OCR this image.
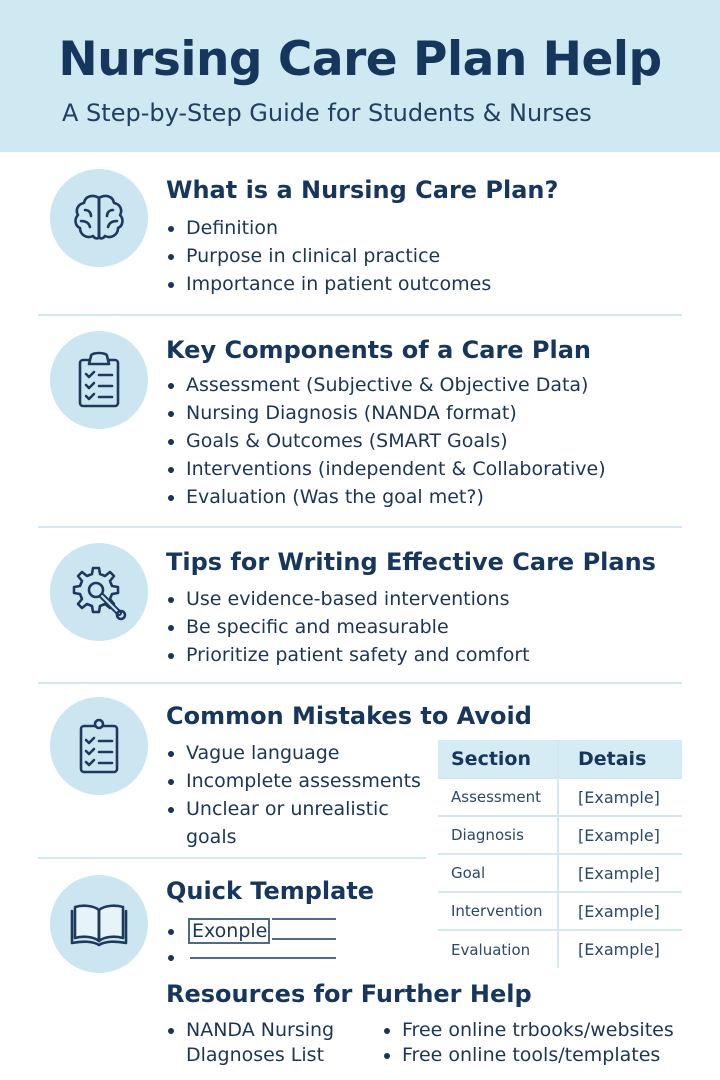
Nursing Care Plan Help
A Step-by-Step Guide for Students & Nurses
What is a Nursing Care Plan?
Definition
Purpose in clinical practice
Importance in patient outcomes
Key Components of a Care Plan
Assessment (Subjective & Objective Data)
Nursing Diagnosis (NANDA format)
Goals & Outcomes (SMART Goals)
Interventions (independent & Collaborative)
Evaluation (Was the goal met?)
Tips for Writing Effective Care Plans
Use evidence-based interventions
Be specific and measurable
Prioritize patient safety and comfort
Common Mistakes to Avoid
Vague language
Incomplete assessments
Unclear or unrealistic
goals
Section	Detais
Assessment	[Example]
Diagnosis	[Example]
Goal	[Example]
Intervention	[Example]
Evaluation	[Example]
Quick Template
Exonple
Resources for Further Help
NANDA Nursing
Dlagnoses List
Free online trbooks/websites
Free online tools/templates
